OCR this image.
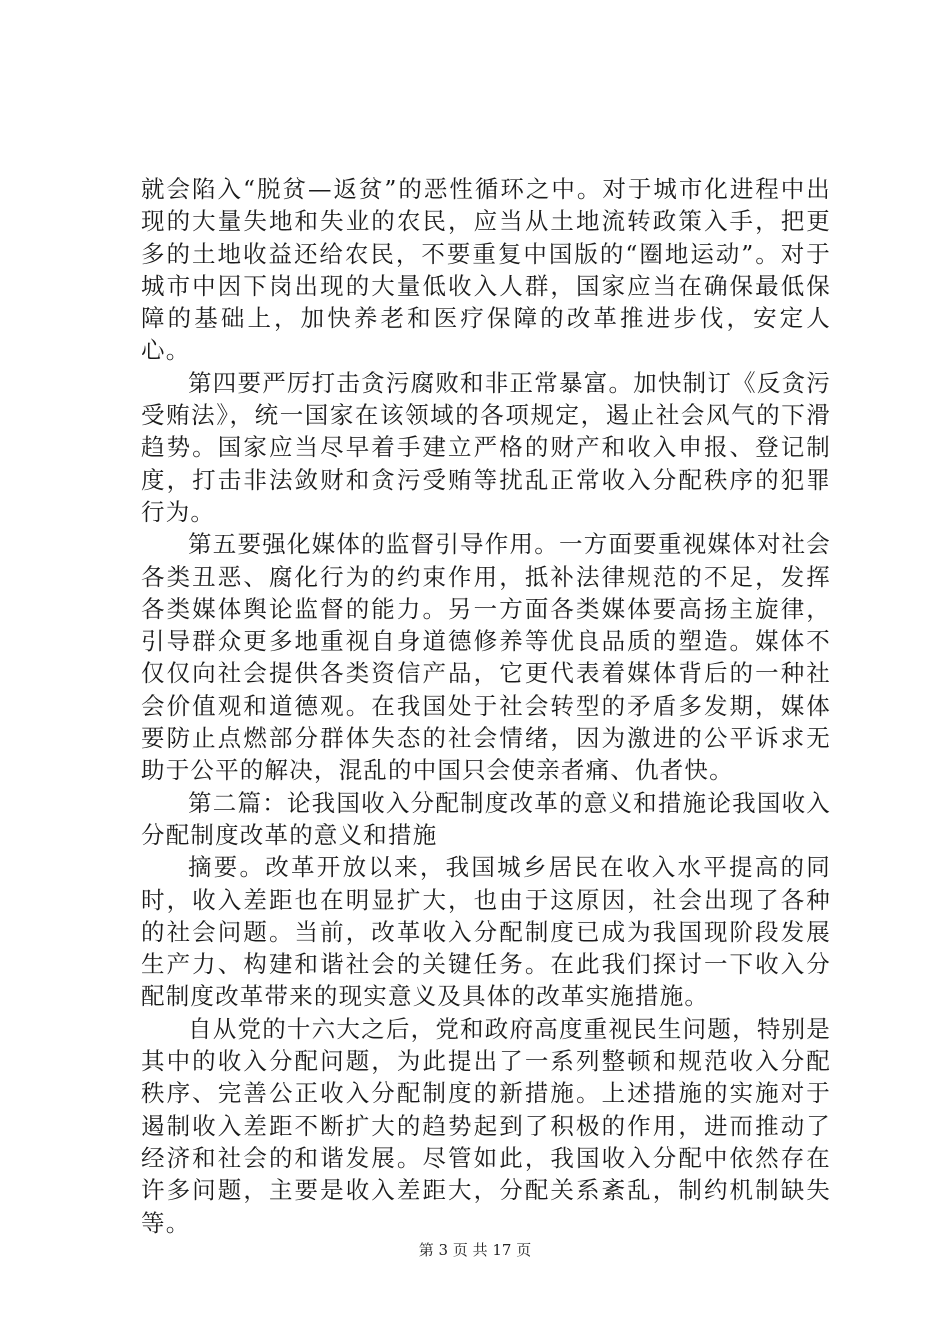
就会陷入“脱贫—返贫”的恶性循环之中。对于城市化进程中出现的大量失地和失业的农民，应当从土地流转政策入手，把更多的土地收益还给农民，不要重复中国版的“圈地运动”。对于城市中因下岗出现的大量低收入人群，国家应当在确保最低保障的基础上，加快养老和医疗保障的改革推进步伐，安定人心。

第四要严厉打击贪污腐败和非正常暴富。加快制订《反贪污受贿法》，统一国家在该领域的各项规定，遏止社会风气的下滑趋势。国家应当尽早着手建立严格的财产和收入申报、登记制度，打击非法敛财和贪污受贿等扰乱正常收入分配秩序的犯罪行为。

第五要强化媒体的监督引导作用。一方面要重视媒体对社会各类丑恶、腐化行为的约束作用，抵补法律规范的不足，发挥各类媒体舆论监督的能力。另一方面各类媒体要高扬主旋律，引导群众更多地重视自身道德修养等优良品质的塑造。媒体不仅仅向社会提供各类资信产品，它更代表着媒体背后的一种社会价值观和道德观。在我国处于社会转型的矛盾多发期，媒体要防止点燃部分群体失态的社会情绪，因为激进的公平诉求无助于公平的解决，混乱的中国只会使亲者痛、仇者快。

第二篇：论我国收入分配制度改革的意义和措施论我国收入分配制度改革的意义和措施

摘要。改革开放以来，我国城乡居民在收入水平提高的同时，收入差距也在明显扩大，也由于这原因，社会出现了各种的社会问题。当前，改革收入分配制度已成为我国现阶段发展生产力、构建和谐社会的关键任务。在此我们探讨一下收入分配制度改革带来的现实意义及具体的改革实施措施。

自从党的十六大之后，党和政府高度重视民生问题，特别是其中的收入分配问题，为此提出了一系列整顿和规范收入分配秩序、完善公正收入分配制度的新措施。上述措施的实施对于遏制收入差距不断扩大的趋势起到了积极的作用，进而推动了经济和社会的和谐发展。尽管如此，我国收入分配中依然存在许多问题，主要是收入差距大，分配关系紊乱，制约机制缺失等。

第 3 页 共 17 页
